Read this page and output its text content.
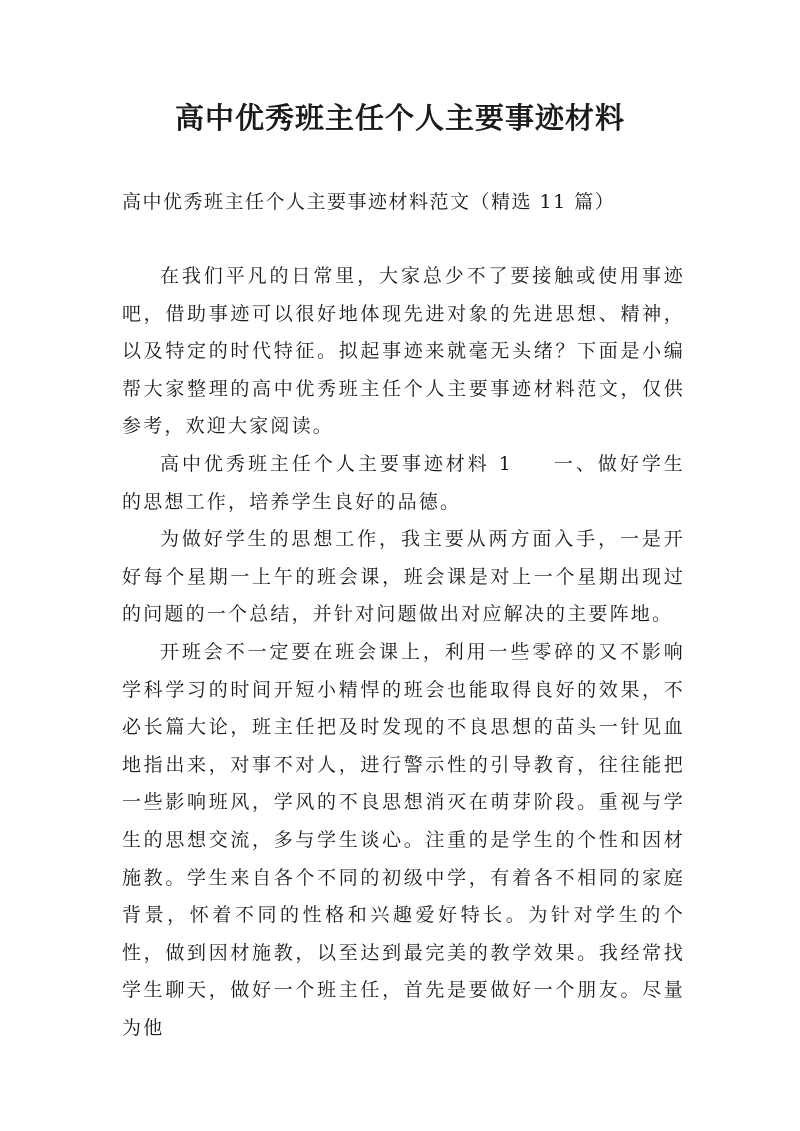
高中优秀班主任个人主要事迹材料

高中优秀班主任个人主要事迹材料范文（精选 11 篇）

在我们平凡的日常里，大家总少不了要接触或使用事迹吧，借助事迹可以很好地体现先进对象的先进思想、精神，以及特定的时代特征。拟起事迹来就毫无头绪？下面是小编帮大家整理的高中优秀班主任个人主要事迹材料范文，仅供参考，欢迎大家阅读。

高中优秀班主任个人主要事迹材料 1 一、做好学生的思想工作，培养学生良好的品德。

为做好学生的思想工作，我主要从两方面入手，一是开好每个星期一上午的班会课，班会课是对上一个星期出现过的问题的一个总结，并针对问题做出对应解决的主要阵地。

开班会不一定要在班会课上，利用一些零碎的又不影响学科学习的时间开短小精悍的班会也能取得良好的效果，不必长篇大论，班主任把及时发现的不良思想的苗头一针见血地指出来，对事不对人，进行警示性的引导教育，往往能把一些影响班风，学风的不良思想消灭在萌芽阶段。重视与学生的思想交流，多与学生谈心。注重的是学生的个性和因材施教。学生来自各个不同的初级中学，有着各不相同的家庭背景，怀着不同的性格和兴趣爱好特长。为针对学生的个性，做到因材施教，以至达到最完美的教学效果。我经常找学生聊天，做好一个班主任，首先是要做好一个朋友。尽量为他
